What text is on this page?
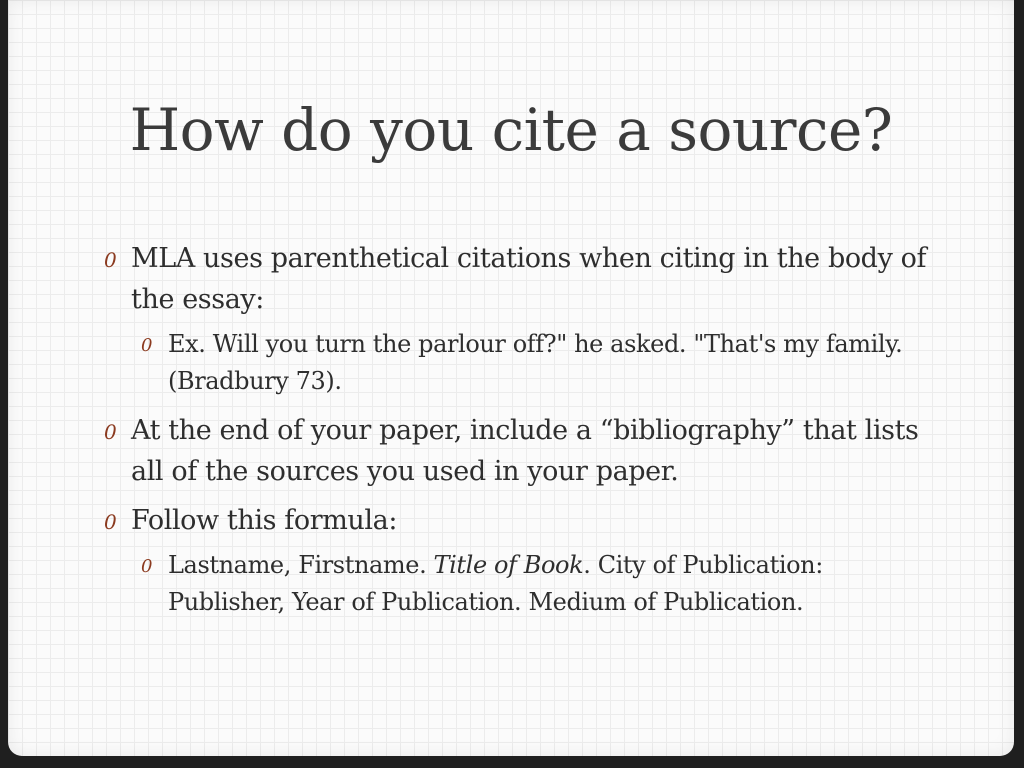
How do you cite a source?
0 MLA uses parenthetical citations when citing in the body of the essay:
0 Ex. Will you turn the parlour off?" he asked. "That's my family. (Bradbury 73).
0 At the end of your paper, include a “bibliography” that lists all of the sources you used in your paper.
0 Follow this formula:
0 Lastname, Firstname. Title of Book. City of Publication: Publisher, Year of Publication. Medium of Publication.
